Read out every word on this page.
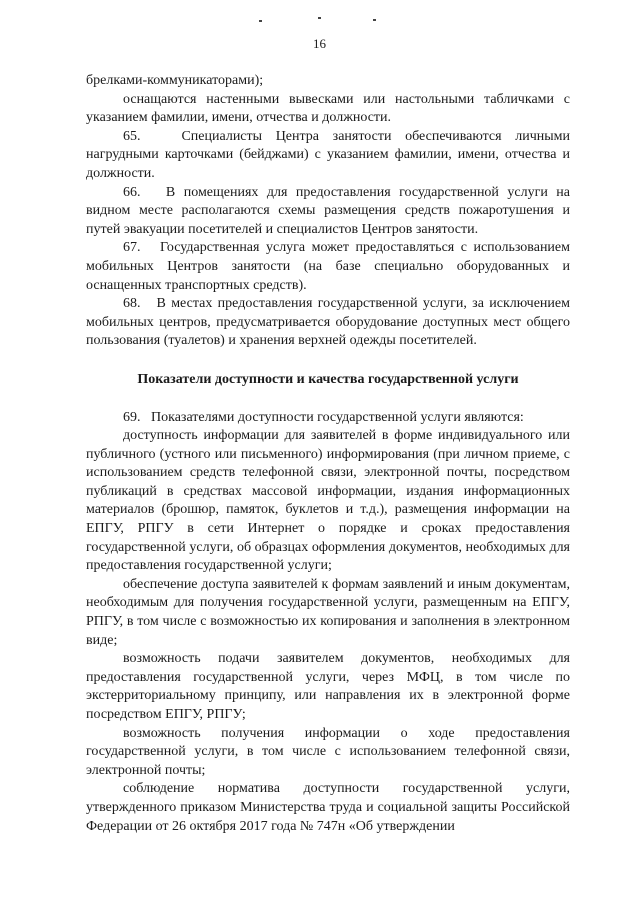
16

брелками-коммуникаторами);

оснащаются настенными вывесками или настольными табличками с указанием фамилии, имени, отчества и должности.

65.   Специалисты Центра занятости обеспечиваются личными нагрудными карточками (бейджами) с указанием фамилии, имени, отчества и должности.

66.   В помещениях для предоставления государственной услуги на видном месте располагаются схемы размещения средств пожаротушения и путей эвакуации посетителей и специалистов Центров занятости.

67.   Государственная услуга может предоставляться с использованием мобильных Центров занятости (на базе специально оборудованных и оснащенных транспортных средств).

68.   В местах предоставления государственной услуги, за исключением мобильных центров, предусматривается оборудование доступных мест общего пользования (туалетов) и хранения верхней одежды посетителей.

Показатели доступности и качества государственной услуги

69.   Показателями доступности государственной услуги являются:

доступность информации для заявителей в форме индивидуального или публичного (устного или письменного) информирования (при личном приеме, с использованием средств телефонной связи, электронной почты, посредством публикаций в средствах массовой информации, издания информационных материалов (брошюр, памяток, буклетов и т.д.), размещения информации на ЕПГУ, РПГУ в сети Интернет о порядке и сроках предоставления государственной услуги, об образцах оформления документов, необходимых для предоставления государственной услуги;

обеспечение доступа заявителей к формам заявлений и иным документам, необходимым для получения государственной услуги, размещенным на ЕПГУ, РПГУ, в том числе с возможностью их копирования и заполнения в электронном виде;

возможность подачи заявителем документов, необходимых для предоставления государственной услуги, через МФЦ, в том числе по экстерриториальному принципу, или направления их в электронной форме посредством ЕПГУ, РПГУ;

возможность получения информации о ходе предоставления государственной услуги, в том числе с использованием телефонной связи, электронной почты;

соблюдение норматива доступности государственной услуги, утвержденного приказом Министерства труда и социальной защиты Российской Федерации от 26 октября 2017 года № 747н «Об утверждении
